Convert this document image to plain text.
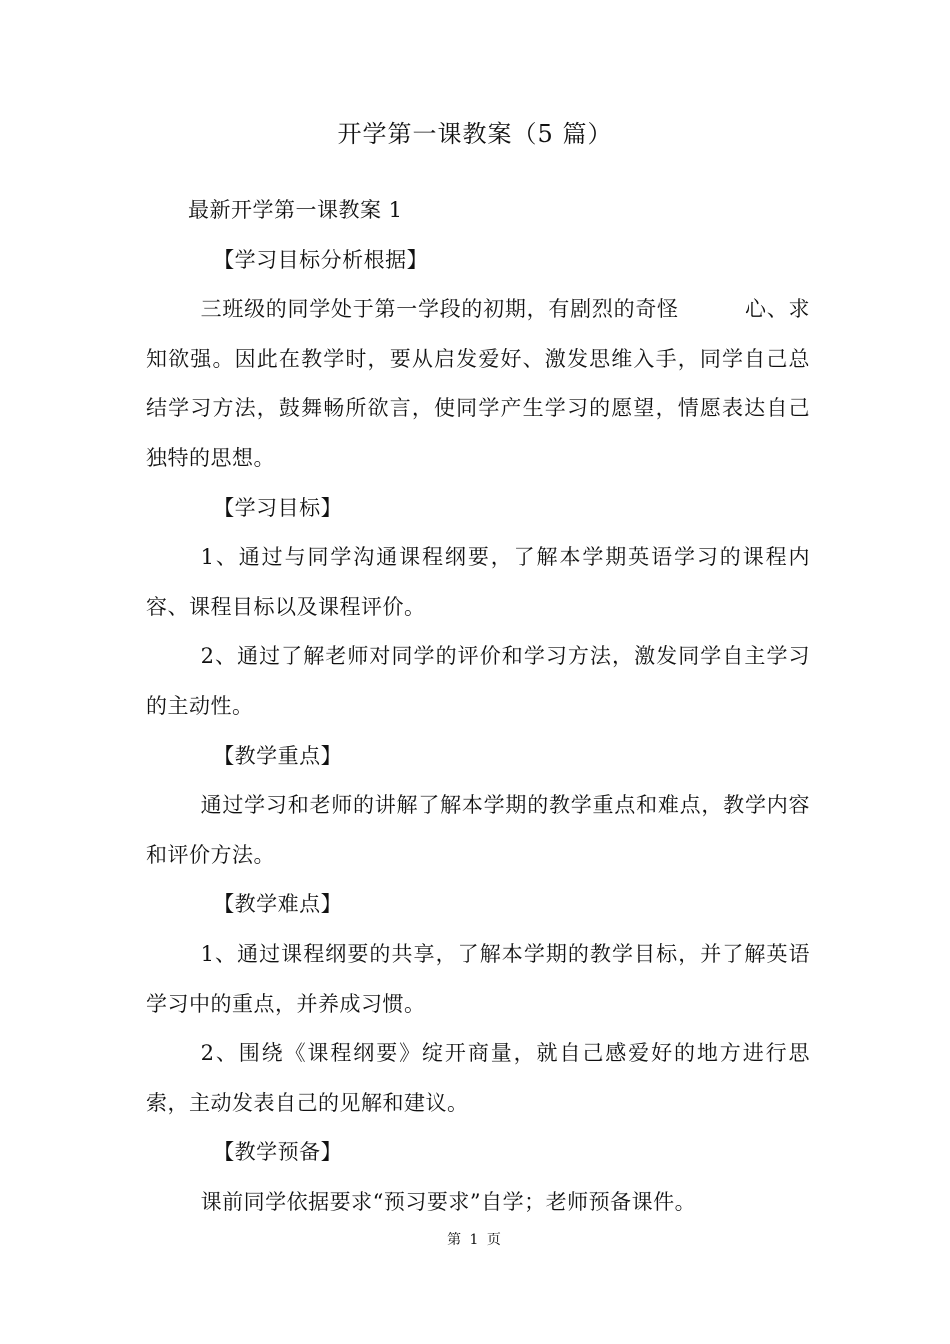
开学第一课教案（5 篇）

最新开学第一课教案 1

【学习目标分析根据】

三班级的同学处于第一学段的初期，有剧烈的奇怪	心、求知欲强。因此在教学时，要从启发爱好、激发思维入手，同学自己总结学习方法，鼓舞畅所欲言，使同学产生学习的愿望，情愿表达自己独特的思想。

【学习目标】

1、通过与同学沟通课程纲要，了解本学期英语学习的课程内容、课程目标以及课程评价。

2、通过了解老师对同学的评价和学习方法，激发同学自主学习的主动性。

【教学重点】

通过学习和老师的讲解了解本学期的教学重点和难点，教学内容和评价方法。

【教学难点】

1、通过课程纲要的共享，了解本学期的教学目标，并了解英语学习中的重点，并养成习惯。

2、围绕《课程纲要》绽开商量，就自己感爱好的地方进行思索，主动发表自己的见解和建议。

【教学预备】

课前同学依据要求“预习要求”自学；老师预备课件。

第 1 页
